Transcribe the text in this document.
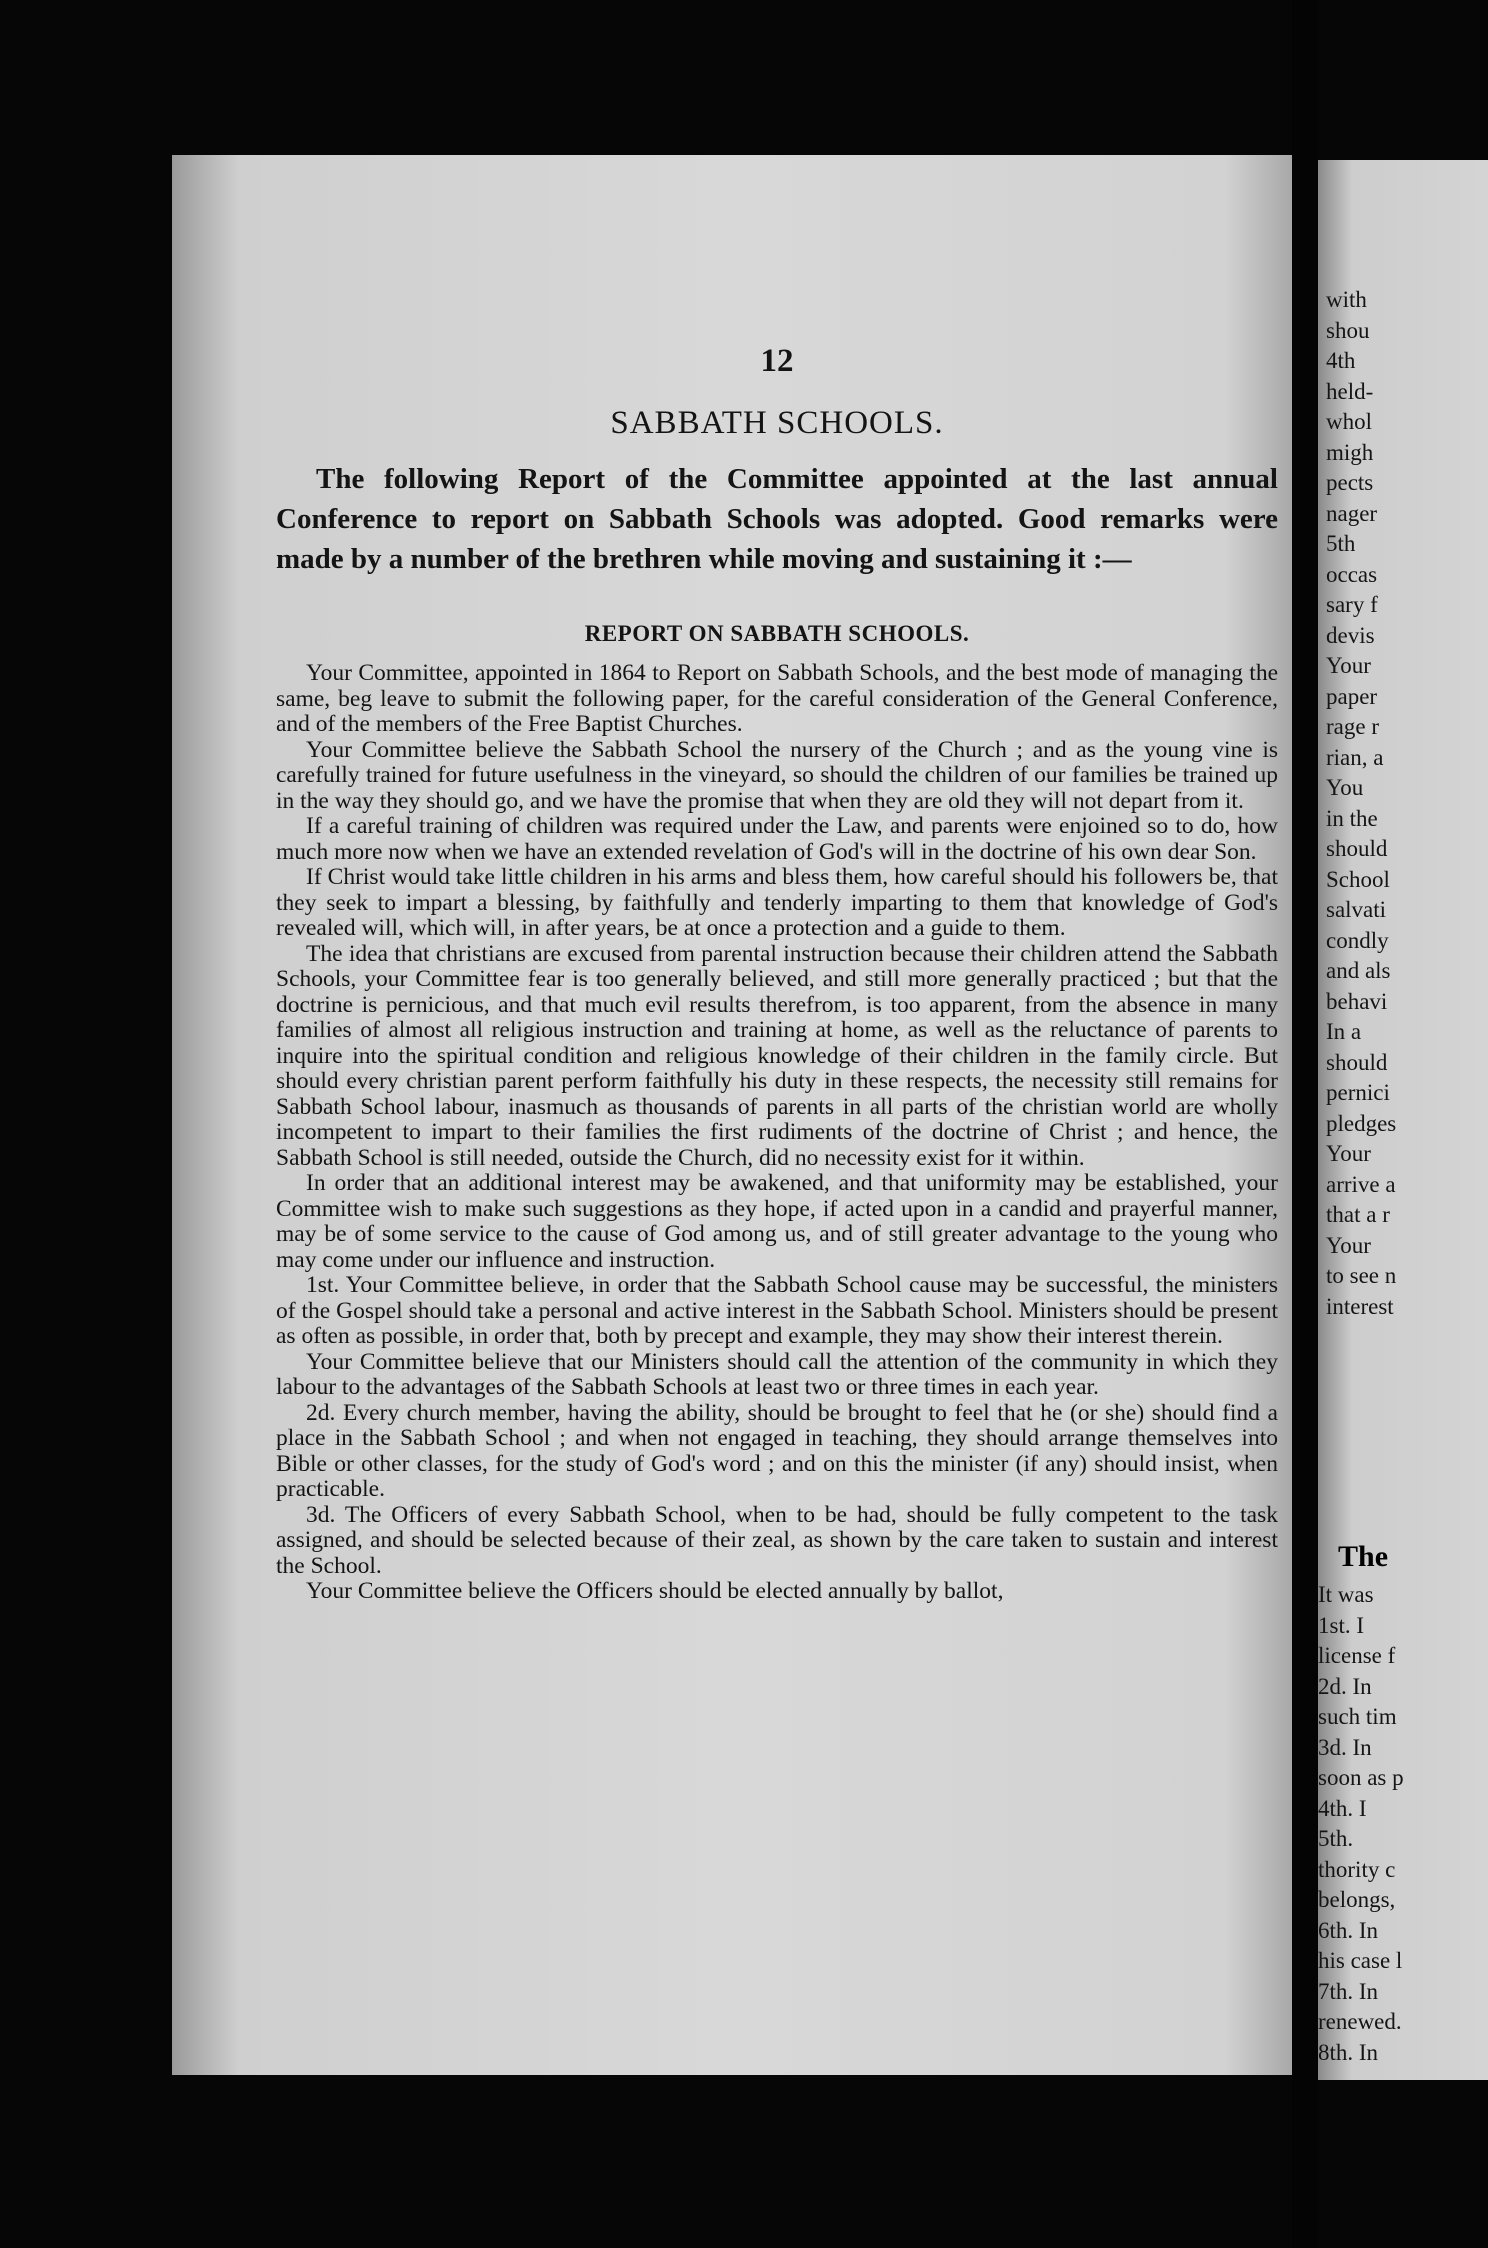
12
SABBATH SCHOOLS.

The following Report of the Committee appointed at the last annual Conference to report on Sabbath Schools was adopted. Good remarks were made by a number of the brethren while moving and sustaining it :—

REPORT ON SABBATH SCHOOLS.

Your Committee, appointed in 1864 to Report on Sabbath Schools, and the best mode of managing the same, beg leave to submit the following paper, for the careful consideration of the General Conference, and of the members of the Free Baptist Churches.

Your Committee believe the Sabbath School the nursery of the Church ; and as the young vine is carefully trained for future usefulness in the vineyard, so should the children of our families be trained up in the way they should go, and we have the promise that when they are old they will not depart from it.

If a careful training of children was required under the Law, and parents were enjoined so to do, how much more now when we have an extended revelation of God's will in the doctrine of his own dear Son.

If Christ would take little children in his arms and bless them, how careful should his followers be, that they seek to impart a blessing, by faithfully and tenderly imparting to them that knowledge of God's revealed will, which will, in after years, be at once a protection and a guide to them.

The idea that christians are excused from parental instruction because their children attend the Sabbath Schools, your Committee fear is too generally believed, and still more generally practiced ; but that the doctrine is pernicious, and that much evil results therefrom, is too apparent, from the absence in many families of almost all religious instruction and training at home, as well as the reluctance of parents to inquire into the spiritual condition and religious knowledge of their children in the family circle. But should every christian parent perform faithfully his duty in these respects, the necessity still remains for Sabbath School labour, inasmuch as thousands of parents in all parts of the christian world are wholly incompetent to impart to their families the first rudiments of the doctrine of Christ ; and hence, the Sabbath School is still needed, outside the Church, did no necessity exist for it within.

In order that an additional interest may be awakened, and that uniformity may be established, your Committee wish to make such suggestions as they hope, if acted upon in a candid and prayerful manner, may be of some service to the cause of God among us, and of still greater advantage to the young who may come under our influence and instruction.

1st. Your Committee believe, in order that the Sabbath School cause may be successful, the ministers of the Gospel should take a personal and active interest in the Sabbath School. Ministers should be present as often as possible, in order that, both by precept and example, they may show their interest therein.

Your Committee believe that our Ministers should call the attention of the community in which they labour to the advantages of the Sabbath Schools at least two or three times in each year.

2d. Every church member, having the ability, should be brought to feel that he (or she) should find a place in the Sabbath School ; and when not engaged in teaching, they should arrange themselves into Bible or other classes, for the study of God's word ; and on this the minister (if any) should insist, when practicable.

3d. The Officers of every Sabbath School, when to be had, should be fully competent to the task assigned, and should be selected because of their zeal, as shown by the care taken to sustain and interest the School.

Your Committee believe the Officers should be elected annually by ballot,

with
shou
4th
held-
whol
migh
pects
nager
5th
occas
sary f
devis
Your
paper
rage r
rian, a
You
in the
should
School
salvati
condly
and als
behavi
In a
should
pernici
pledges
Your
arrive a
that a r
Your
to see n
interest
The
It was
1st. I
license f
2d. In
such tim
3d. In
soon as p
4th. I
5th.
thority c
belongs,
6th. In
his case l
7th. In
renewed.
8th. In
